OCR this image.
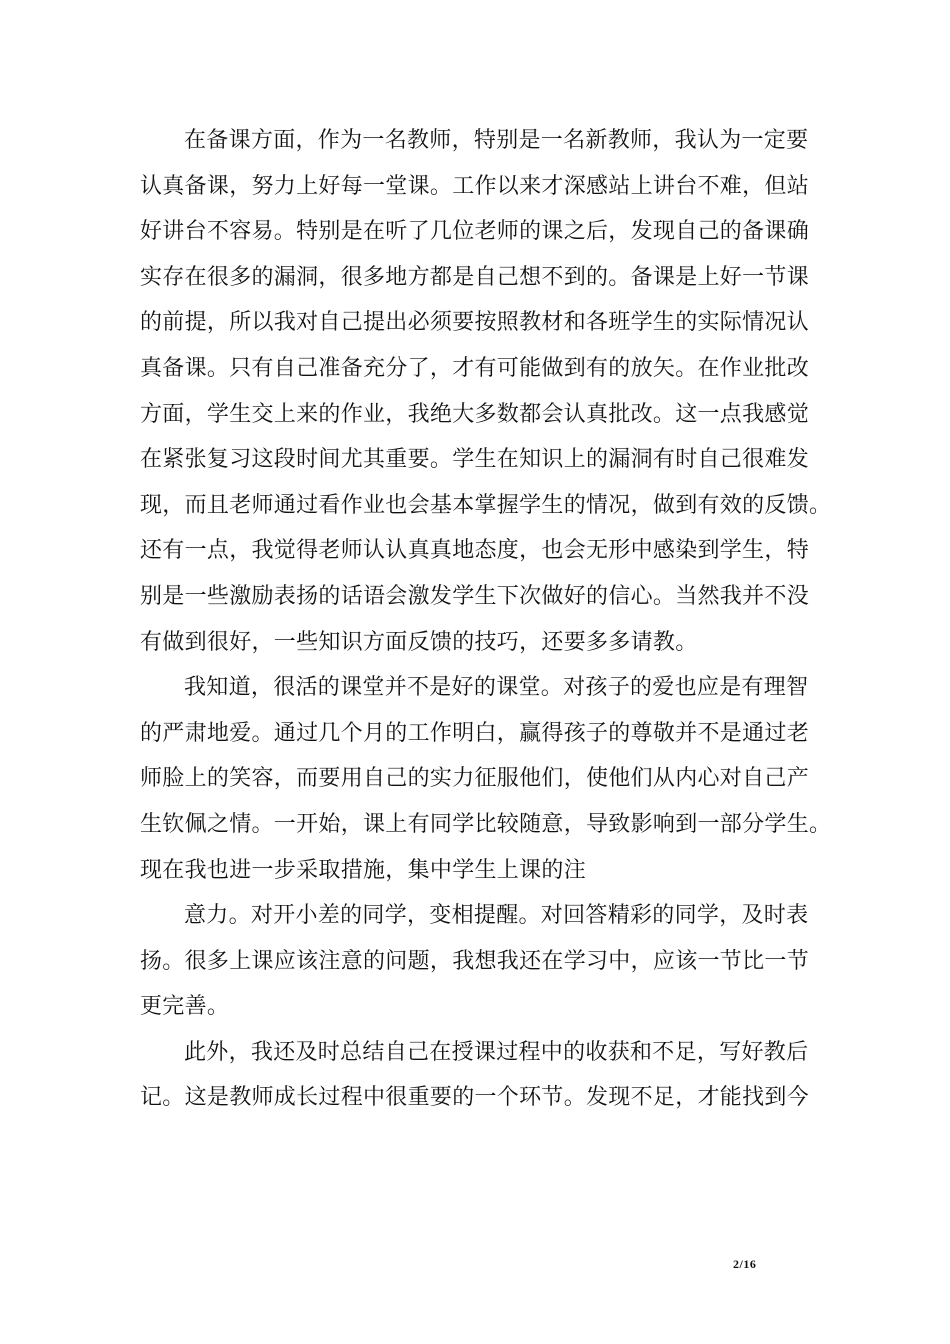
在备课方面，作为一名教师，特别是一名新教师，我认为一定要
认真备课，努力上好每一堂课。工作以来才深感站上讲台不难，但站
好讲台不容易。特别是在听了几位老师的课之后，发现自己的备课确
实存在很多的漏洞，很多地方都是自己想不到的。备课是上好一节课
的前提，所以我对自己提出必须要按照教材和各班学生的实际情况认
真备课。只有自己准备充分了，才有可能做到有的放矢。在作业批改
方面，学生交上来的作业，我绝大多数都会认真批改。这一点我感觉
在紧张复习这段时间尤其重要。学生在知识上的漏洞有时自己很难发
现，而且老师通过看作业也会基本掌握学生的情况，做到有效的反馈。
还有一点，我觉得老师认认真真地态度，也会无形中感染到学生，特
别是一些激励表扬的话语会激发学生下次做好的信心。当然我并不没
有做到很好，一些知识方面反馈的技巧，还要多多请教。
我知道，很活的课堂并不是好的课堂。对孩子的爱也应是有理智
的严肃地爱。通过几个月的工作明白，赢得孩子的尊敬并不是通过老
师脸上的笑容，而要用自己的实力征服他们，使他们从内心对自己产
生钦佩之情。一开始，课上有同学比较随意，导致影响到一部分学生。
现在我也进一步采取措施，集中学生上课的注
意力。对开小差的同学，变相提醒。对回答精彩的同学，及时表
扬。很多上课应该注意的问题，我想我还在学习中，应该一节比一节
更完善。
此外，我还及时总结自己在授课过程中的收获和不足，写好教后
记。这是教师成长过程中很重要的一个环节。发现不足，才能找到今
2/16
